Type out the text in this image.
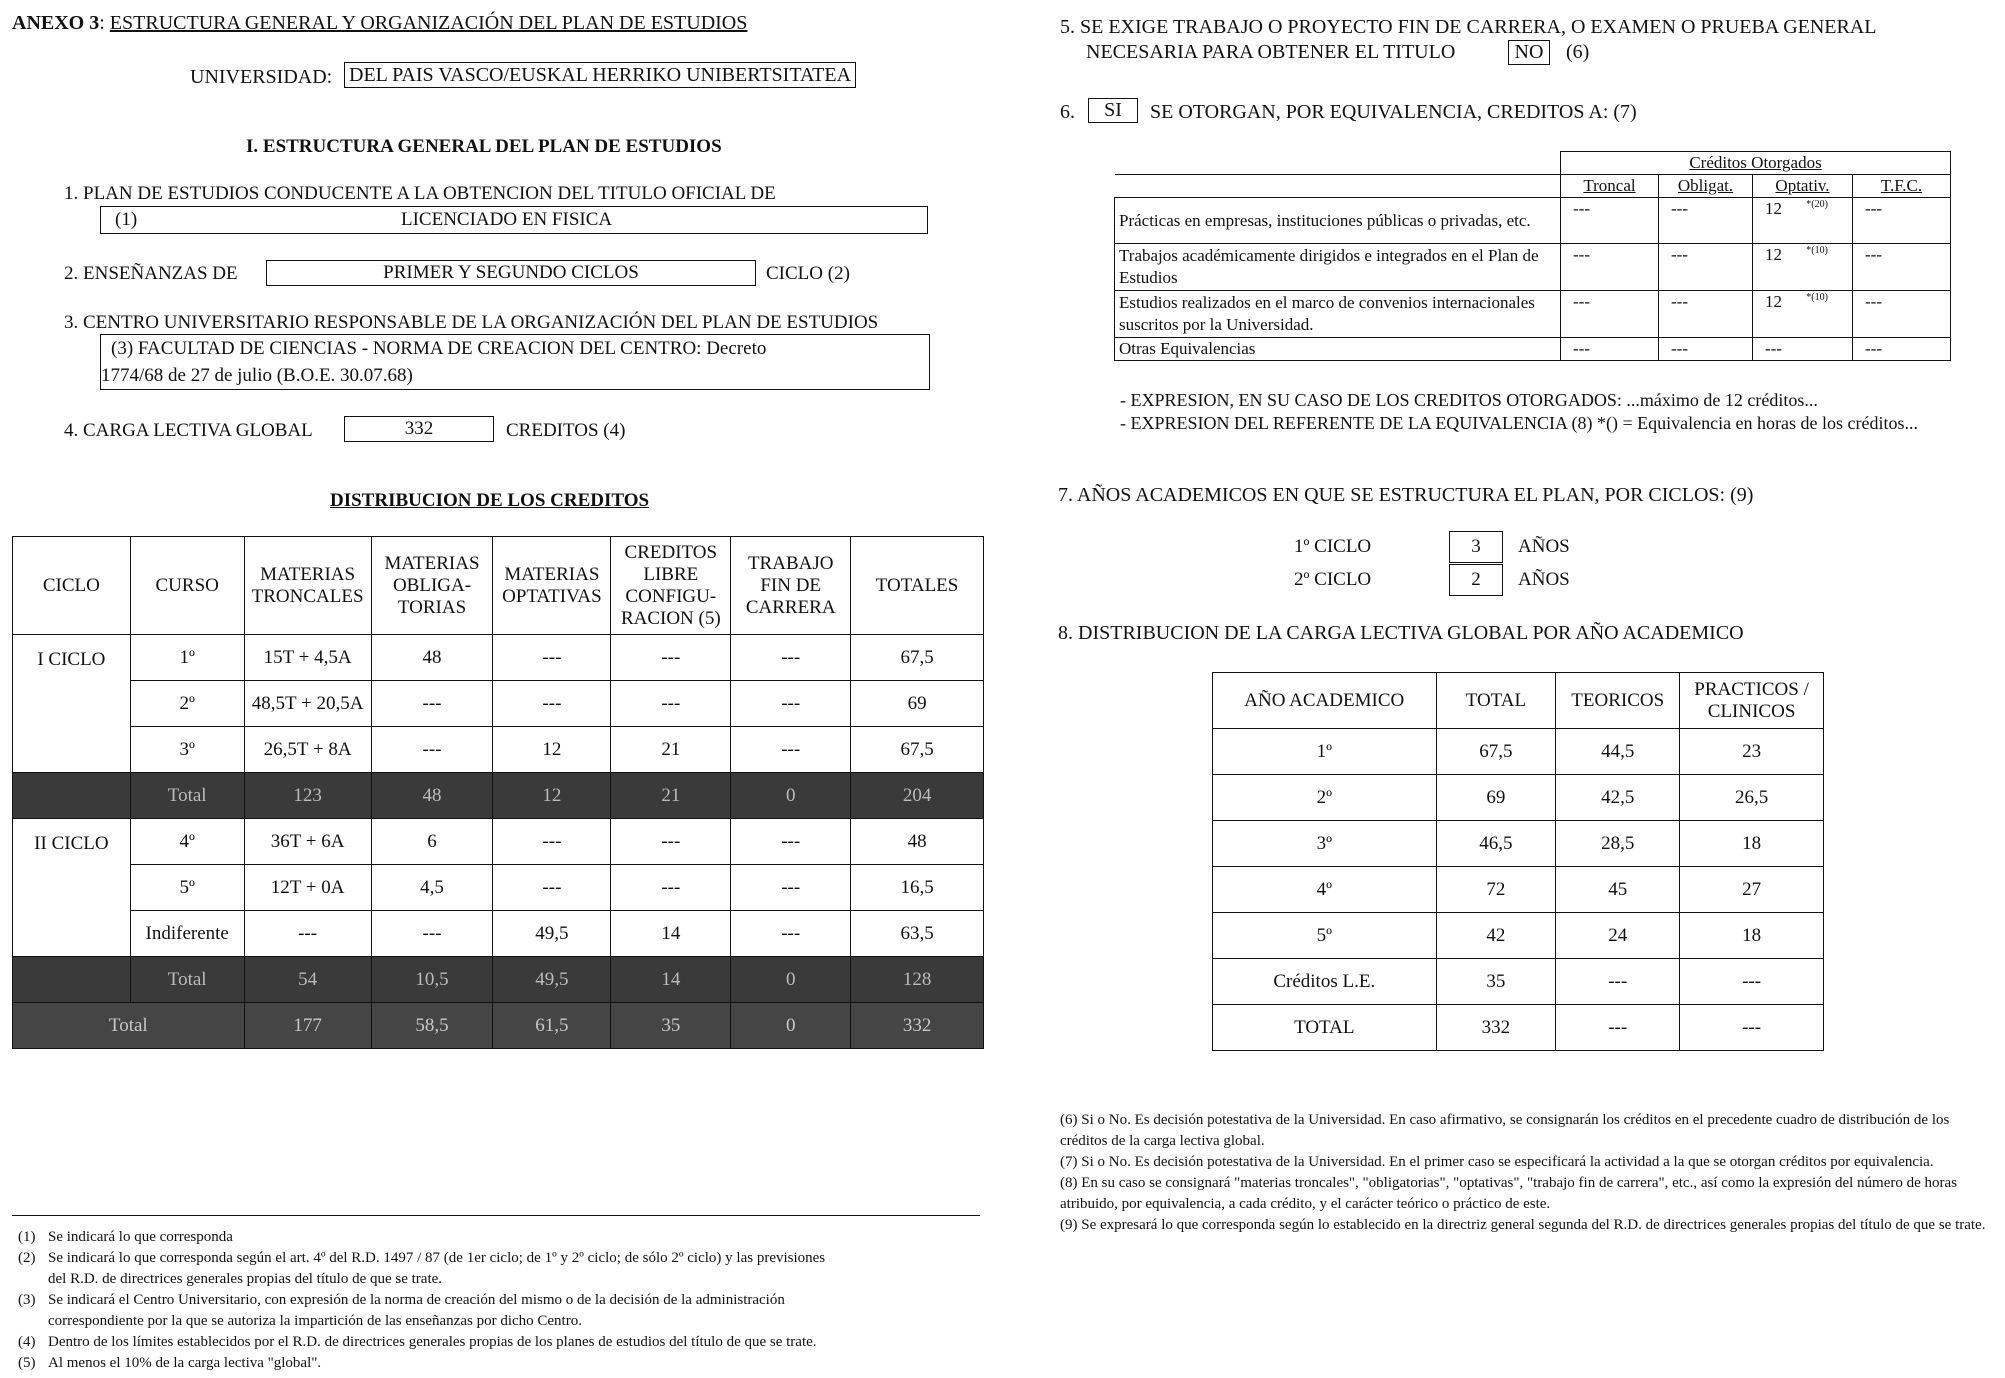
ANEXO 3: ESTRUCTURA GENERAL Y ORGANIZACIÓN DEL PLAN DE ESTUDIOS
UNIVERSIDAD: DEL PAIS VASCO/EUSKAL HERRIKO UNIBERTSITATEA
I. ESTRUCTURA GENERAL DEL PLAN DE ESTUDIOS
1. PLAN DE ESTUDIOS CONDUCENTE A LA OBTENCION DEL TITULO OFICIAL DE
(1)	LICENCIADO EN FISICA
2. ENSEÑANZAS DE	PRIMER Y SEGUNDO CICLOS	CICLO (2)
3. CENTRO UNIVERSITARIO RESPONSABLE DE LA ORGANIZACIÓN DEL PLAN DE ESTUDIOS
(3) FACULTAD DE CIENCIAS - NORMA DE CREACION DEL CENTRO: Decreto
1774/68 de 27 de julio (B.O.E. 30.07.68)
4. CARGA LECTIVA GLOBAL	332	CREDITOS (4)
DISTRIBUCION DE LOS CREDITOS
CICLO	CURSO	MATERIAS TRONCALES	MATERIAS OBLIGA-TORIAS	MATERIAS OPTATIVAS	CREDITOS LIBRE CONFIGU-RACION (5)	TRABAJO FIN DE CARRERA	TOTALES
I CICLO	1º	15T + 4,5A	48	---	---	---	67,5
	2º	48,5T + 20,5A	---	---	---	---	69
	3º	26,5T + 8A	---	12	21	---	67,5
	Total	123	48	12	21	0	204
II CICLO	4º	36T + 6A	6	---	---	---	48
	5º	12T + 0A	4,5	---	---	---	16,5
	Indiferente	---	---	49,5	14	---	63,5
	Total	54	10,5	49,5	14	0	128
Total		177	58,5	61,5	35	0	332

(1) Se indicará lo que corresponda

(2) Se indicará lo que corresponda según el art. 4º del R.D. 1497 / 87 (de 1er ciclo; de 1º y 2º ciclo; de sólo 2º ciclo) y las previsiones

del R.D. de directrices generales propias del título de que se trate.

(3) Se indicará el Centro Universitario, con expresión de la norma de creación del mismo o de la decisión de la administración

correspondiente por la que se autoriza la impartición de las enseñanzas por dicho Centro.

(4) Dentro de los límites establecidos por el R.D. de directrices generales propias de los planes de estudios del título de que se trate.

(5) Al menos el 10% de la carga lectiva "global".

5. SE EXIGE TRABAJO O PROYECTO FIN DE CARRERA, O EXAMEN O PRUEBA GENERAL
NECESARIA PARA OBTENER EL TITULO	NO	(6)
6.	SI	SE OTORGAN, POR EQUIVALENCIA, CREDITOS A: (7)
	Créditos Otorgados			
	Troncal	Obligat.	Optativ.	T.F.C.
Prácticas en empresas, instituciones públicas o privadas, etc.	---	---	12 $^{*(20)}$	---
Trabajos académicamente dirigidos e integrados en el Plan de Estudios	---	---	12 $^{*(10)}$	---
Estudios realizados en el marco de convenios internacionales suscritos por la Universidad.	---	---	12 $^{*(10)}$	---
Otras Equivalencias	---	---	---	---
- EXPRESION, EN SU CASO DE LOS CREDITOS OTORGADOS: ...máximo de 12 créditos...
- EXPRESION DEL REFERENTE DE LA EQUIVALENCIA (8) *() = Equivalencia en horas de los créditos...
7. AÑOS ACADEMICOS EN QUE SE ESTRUCTURA EL PLAN, POR CICLOS: (9)
1º CICLO	3	AÑOS
2º CICLO	2	AÑOS
8. DISTRIBUCION DE LA CARGA LECTIVA GLOBAL POR AÑO ACADEMICO
AÑO ACADEMICO	TOTAL	TEORICOS	PRACTICOS / CLINICOS
1º	67,5	44,5	23
2º	69	42,5	26,5
3º	46,5	28,5	18
4º	72	45	27
5º	42	24	18
Créditos L.E.	35	---	---
TOTAL	332	---	---

(6) Si o No. Es decisión potestativa de la Universidad. En caso afirmativo, se consignarán los créditos en el precedente cuadro de distribución de los créditos de la carga lectiva global.

(7) Si o No. Es decisión potestativa de la Universidad. En el primer caso se especificará la actividad a la que se otorgan créditos por equivalencia.

(8) En su caso se consignará "materias troncales", "obligatorias", "optativas", "trabajo fin de carrera", etc., así como la expresión del número de horas atribuido, por equivalencia, a cada crédito, y el carácter teórico o práctico de este.

(9) Se expresará lo que corresponda según lo establecido en la directriz general segunda del R.D. de directrices generales propias del título de que se trate.
